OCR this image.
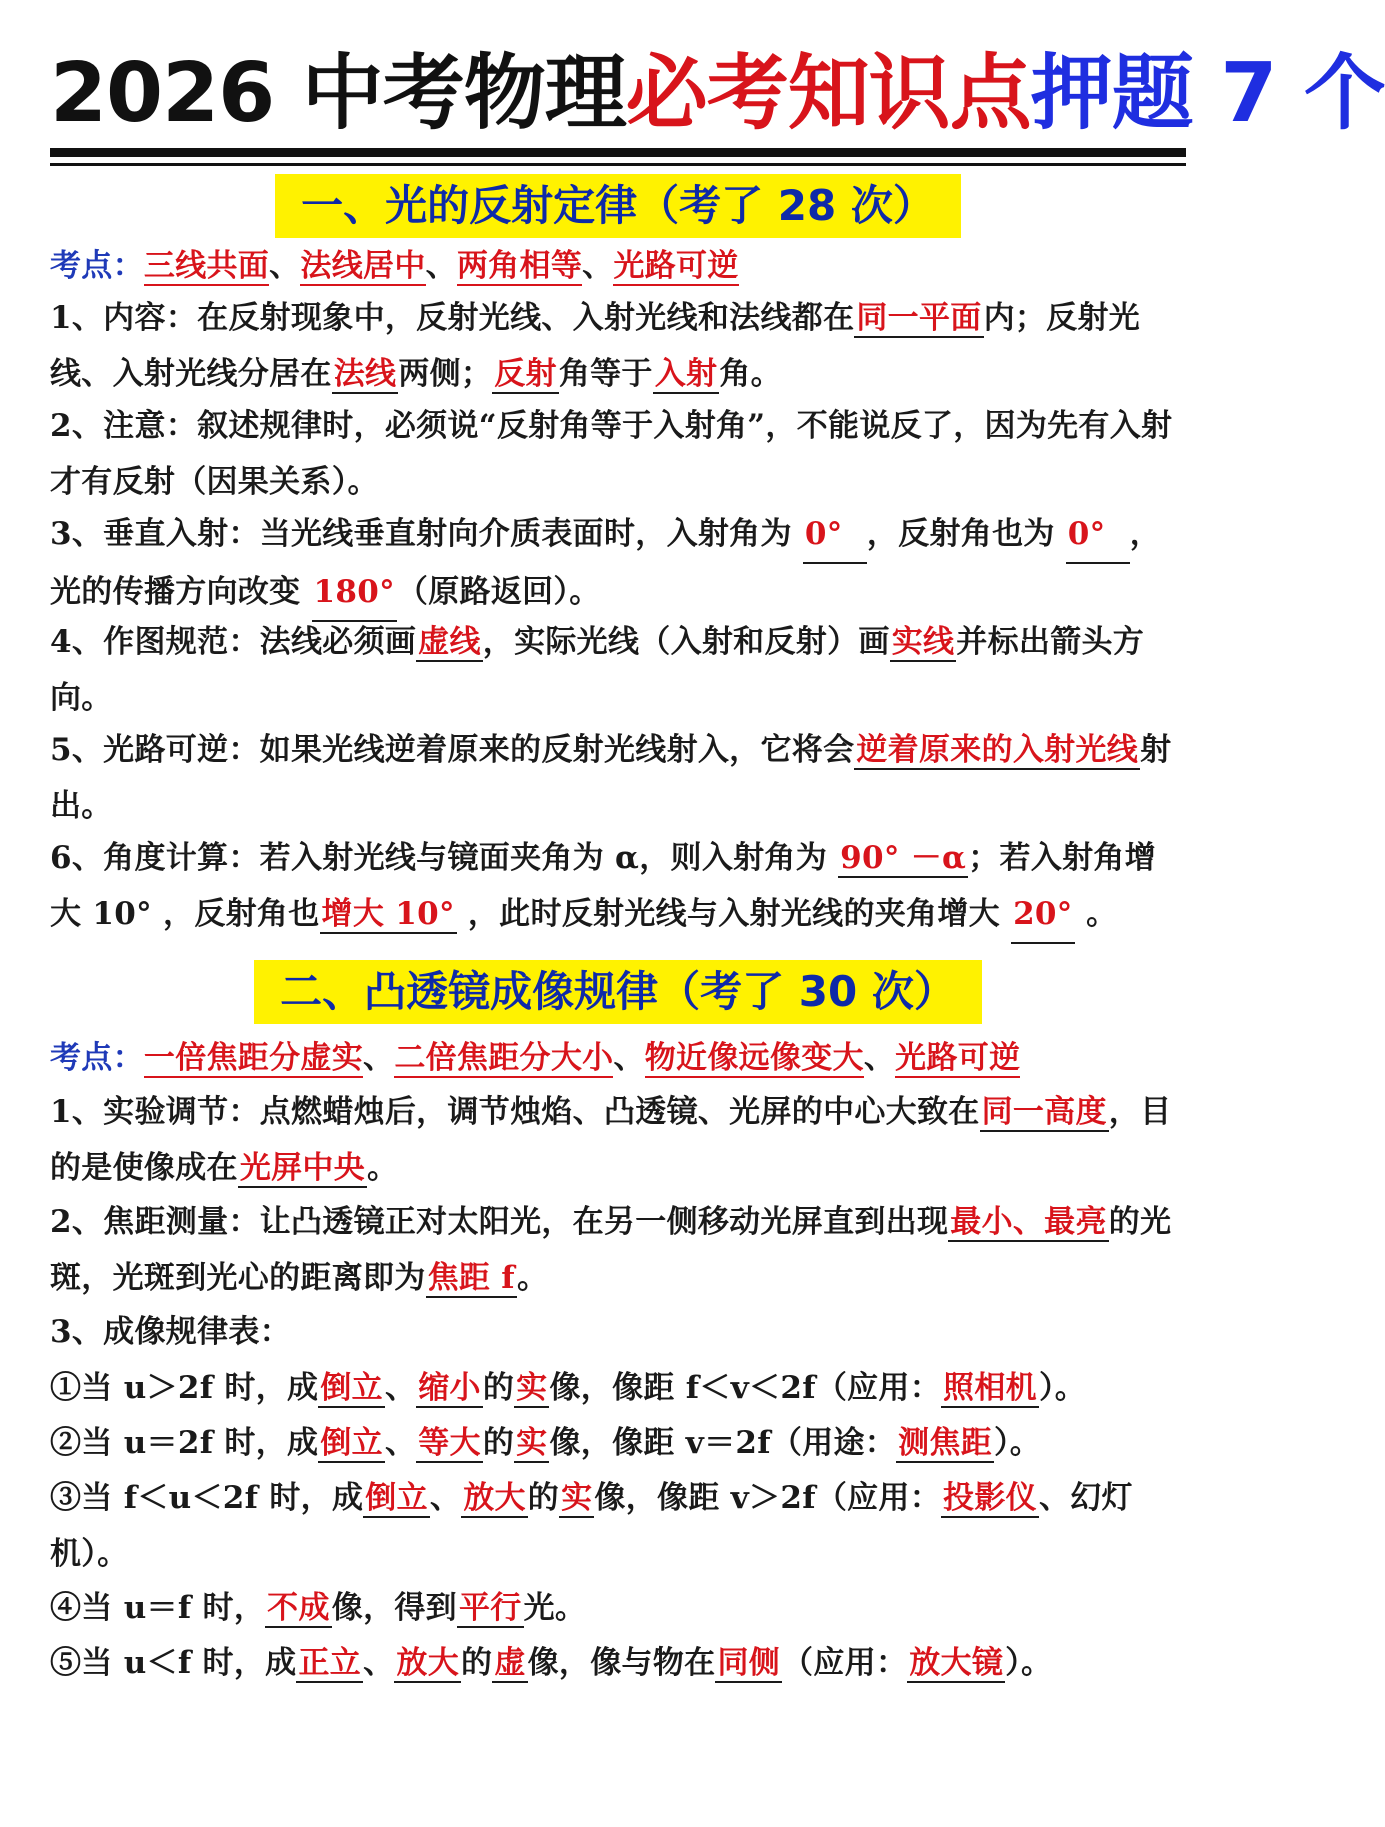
2026 中考物理必考知识点押题 7 个
一、光的反射定律（考了 28 次）

考点：三线共面、法线居中、两角相等、光路可逆

1、内容：在反射现象中，反射光线、入射光线和法线都在同一平面内；反射光线、入射光线分居在法线两侧；反射角等于入射角。

2、注意：叙述规律时，必须说“反射角等于入射角”，不能说反了，因为先有入射才有反射（因果关系）。

3、垂直入射：当光线垂直射向介质表面时，入射角为 0° ，反射角也为 0° ，光的传播方向改变 180°（原路返回）。

4、作图规范：法线必须画虚线，实际光线（入射和反射）画实线并标出箭头方向。

5、光路可逆：如果光线逆着原来的反射光线射入，它将会逆着原来的入射光线射出。

6、角度计算：若入射光线与镜面夹角为 α，则入射角为 90° －α；若入射角增大 10° ，反射角也增大 10° ，此时反射光线与入射光线的夹角增大 20° 。

二、凸透镜成像规律（考了 30 次）

考点：一倍焦距分虚实、二倍焦距分大小、物近像远像变大、光路可逆

1、实验调节：点燃蜡烛后，调节烛焰、凸透镜、光屏的中心大致在同一高度，目的是使像成在光屏中央。

2、焦距测量：让凸透镜正对太阳光，在另一侧移动光屏直到出现最小、最亮的光斑，光斑到光心的距离即为焦距 f。

3、成像规律表：

①当 u＞2f 时，成倒立、缩小的实像，像距 f＜v＜2f（应用：照相机）。

②当 u＝2f 时，成倒立、等大的实像，像距 v＝2f（用途：测焦距）。

③当 f＜u＜2f 时，成倒立、放大的实像，像距 v＞2f（应用：投影仪、幻灯机）。

④当 u＝f 时，不成像，得到平行光。

⑤当 u＜f 时，成正立、放大的虚像，像与物在同侧（应用：放大镜）。
